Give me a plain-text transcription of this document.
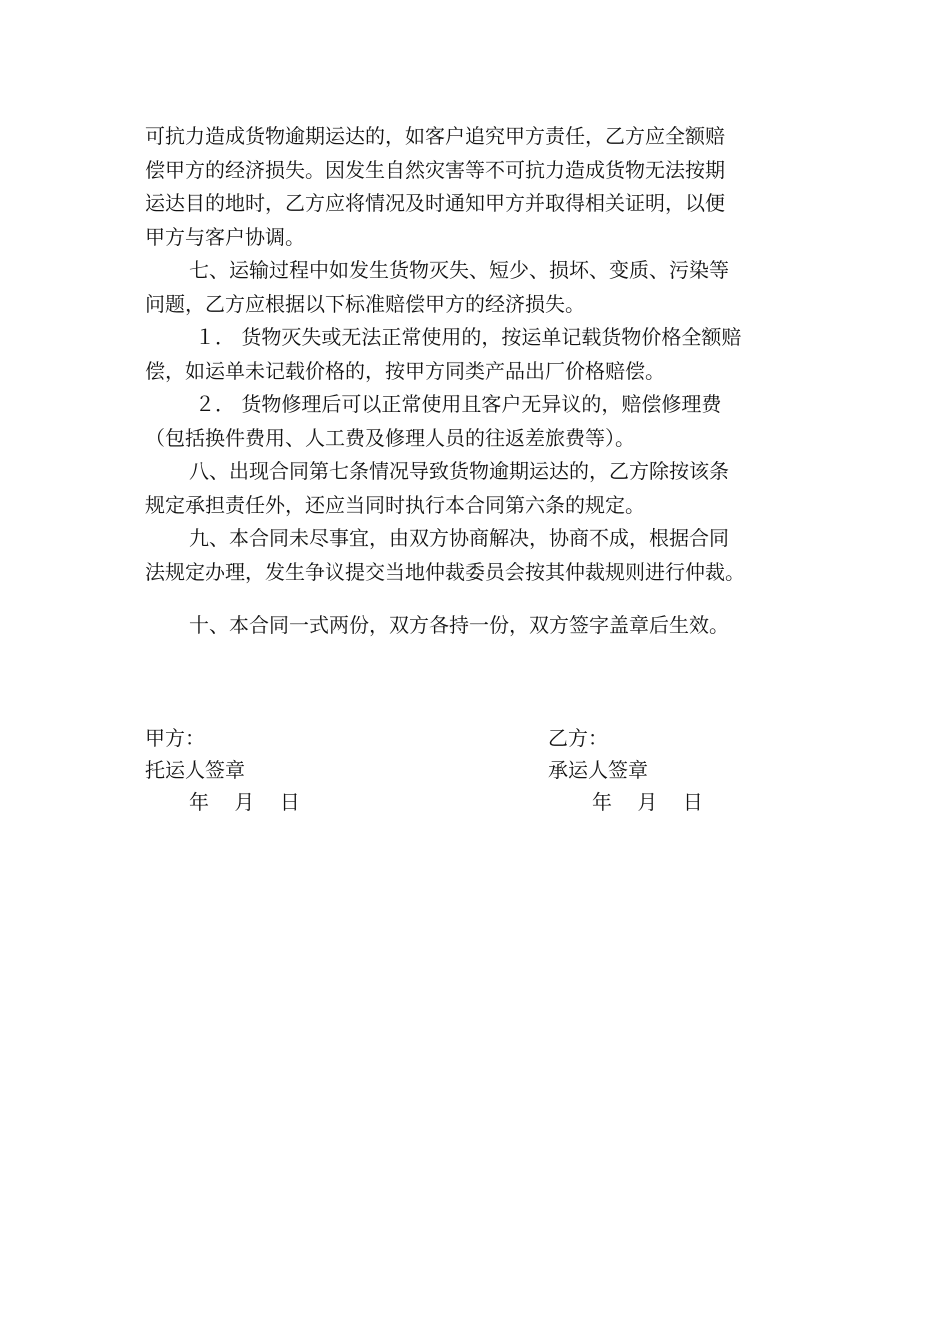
可抗力造成货物逾期运达的，如客户追究甲方责任，乙方应全额赔
偿甲方的经济损失。因发生自然灾害等不可抗力造成货物无法按期
运达目的地时，乙方应将情况及时通知甲方并取得相关证明，以便
甲方与客户协调。
七、运输过程中如发生货物灭失、短少、损坏、变质、污染等
问题，乙方应根据以下标准赔偿甲方的经济损失。
１． 货物灭失或无法正常使用的，按运单记载货物价格全额赔
偿，如运单未记载价格的，按甲方同类产品出厂价格赔偿。
２． 货物修理后可以正常使用且客户无异议的，赔偿修理费
（包括换件费用、人工费及修理人员的往返差旅费等）。
八、出现合同第七条情况导致货物逾期运达的，乙方除按该条
规定承担责任外，还应当同时执行本合同第六条的规定。
九、本合同未尽事宜，由双方协商解决，协商不成，根据合同
法规定办理，发生争议提交当地仲裁委员会按其仲裁规则进行仲裁。
十、本合同一式两份，双方各持一份，双方签字盖章后生效。
甲方：
托运人签章
年    月    日
乙方：
承运人签章
年    月    日
